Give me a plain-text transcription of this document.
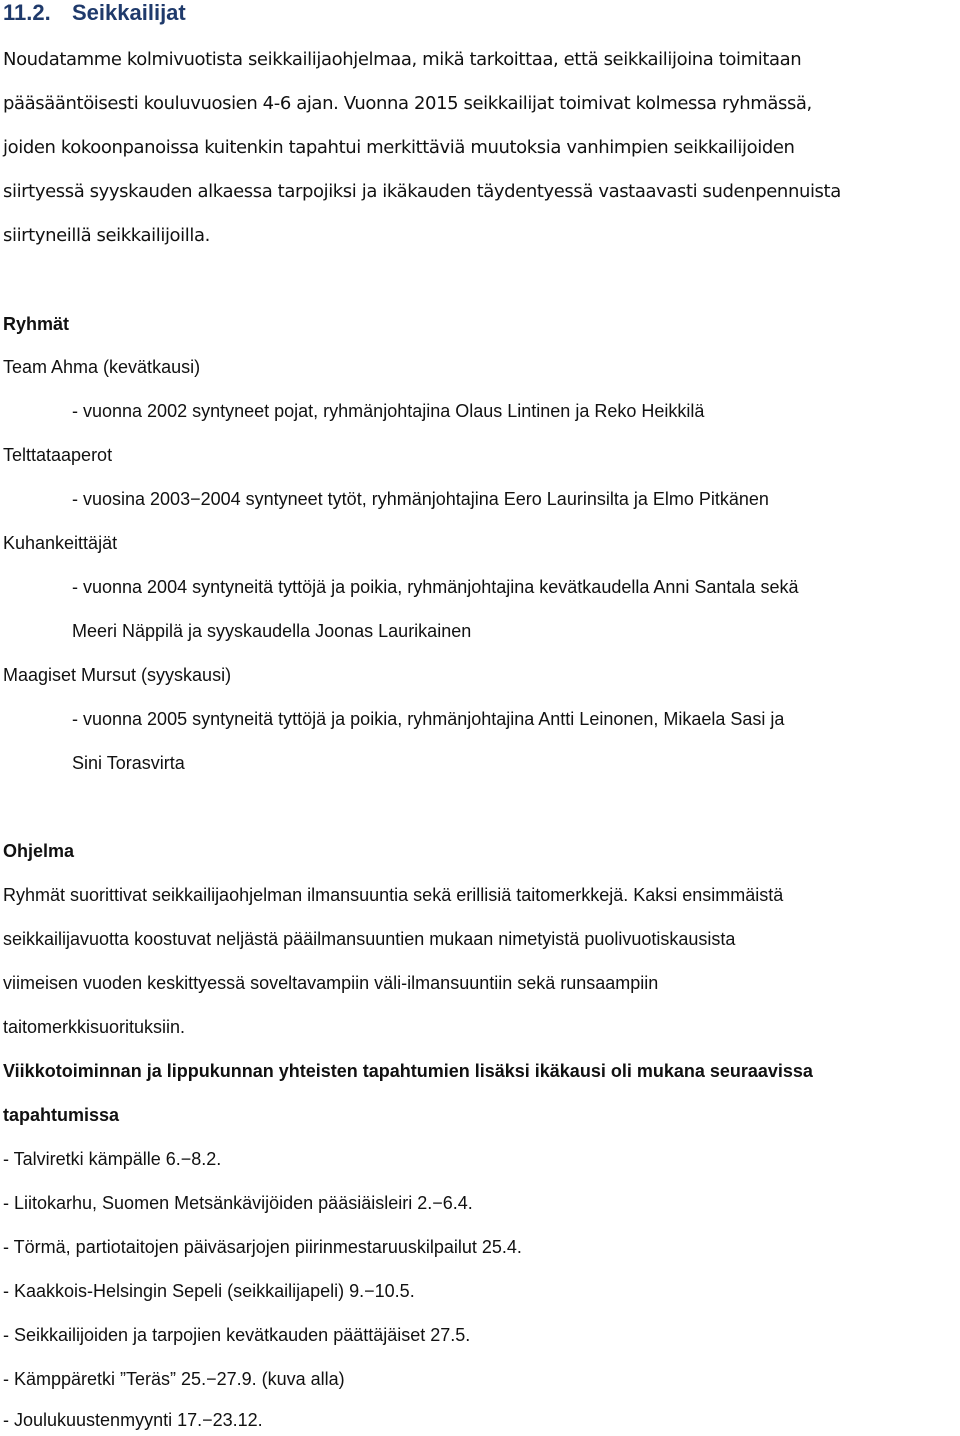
11.2. Seikkailijat
Noudatamme kolmivuotista seikkailijaohjelmaa, mikä tarkoittaa, että seikkailijoina toimitaan
pääsääntöisesti kouluvuosien 4-6 ajan. Vuonna 2015 seikkailijat toimivat kolmessa ryhmässä,
joiden kokoonpanoissa kuitenkin tapahtui merkittäviä muutoksia vanhimpien seikkailijoiden
siirtyessä syyskauden alkaessa tarpojiksi ja ikäkauden täydentyessä vastaavasti sudenpennuista
siirtyneillä seikkailijoilla.
Ryhmät
Team Ahma (kevätkausi)
- vuonna 2002 syntyneet pojat, ryhmänjohtajina Olaus Lintinen ja Reko Heikkilä
Telttataaperot
- vuosina 2003−2004 syntyneet tytöt, ryhmänjohtajina Eero Laurinsilta ja Elmo Pitkänen
Kuhankeittäjät
- vuonna 2004 syntyneitä tyttöjä ja poikia, ryhmänjohtajina kevätkaudella Anni Santala sekä
Meeri Näppilä ja syyskaudella Joonas Laurikainen
Maagiset Mursut (syyskausi)
- vuonna 2005 syntyneitä tyttöjä ja poikia, ryhmänjohtajina Antti Leinonen, Mikaela Sasi ja
Sini Torasvirta
Ohjelma
Ryhmät suorittivat seikkailijaohjelman ilmansuuntia sekä erillisiä taitomerkkejä. Kaksi ensimmäistä
seikkailijavuotta koostuvat neljästä pääilmansuuntien mukaan nimetyistä puolivuotiskausista
viimeisen vuoden keskittyessä soveltavampiin väli-ilmansuuntiin sekä runsaampiin
taitomerkkisuorituksiin.
Viikkotoiminnan ja lippukunnan yhteisten tapahtumien lisäksi ikäkausi oli mukana seuraavissa
tapahtumissa
- Talviretki kämpälle 6.−8.2.
- Liitokarhu, Suomen Metsänkävijöiden pääsiäisleiri 2.−6.4.
- Törmä, partiotaitojen päiväsarjojen piirinmestaruuskilpailut 25.4.
- Kaakkois-Helsingin Sepeli (seikkailijapeli) 9.−10.5.
- Seikkailijoiden ja tarpojien kevätkauden päättäjäiset 27.5.
- Kämppäretki ”Teräs” 25.−27.9. (kuva alla)
- Joulukuustenmyynti 17.−23.12.
